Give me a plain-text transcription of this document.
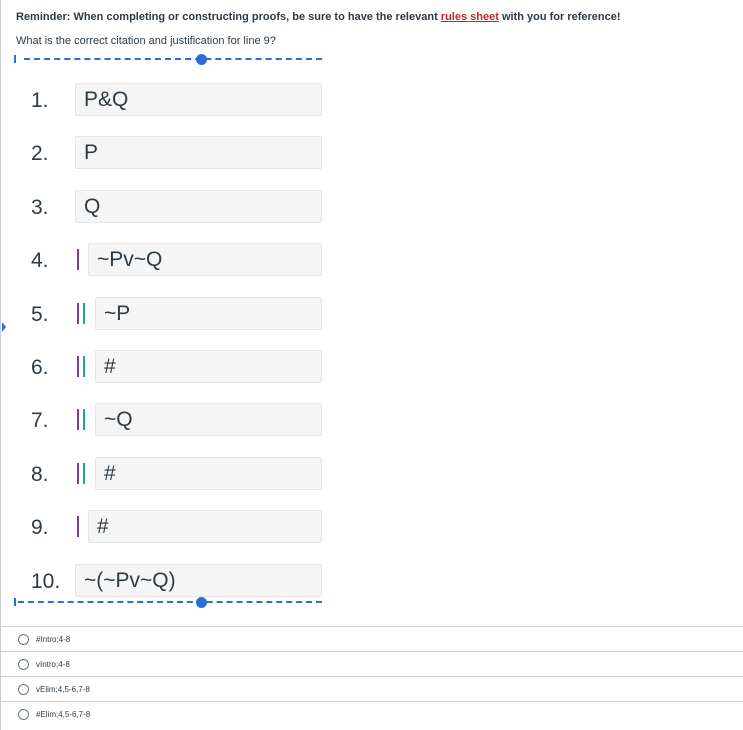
Reminder: When completing or constructing proofs, be sure to have the relevant rules sheet with you for reference!
What is the correct citation and justification for line 9?
1. P&Q
2. P
3. Q
4. ~Pv~Q
5.	~P
6.	#
7.	~Q
8.	#
9. #
10. ~(~Pv~Q)
#Intro;4-8
vIntro;4-8
vElim;4,5-6,7-8
#Elim;4,5-6,7-8
